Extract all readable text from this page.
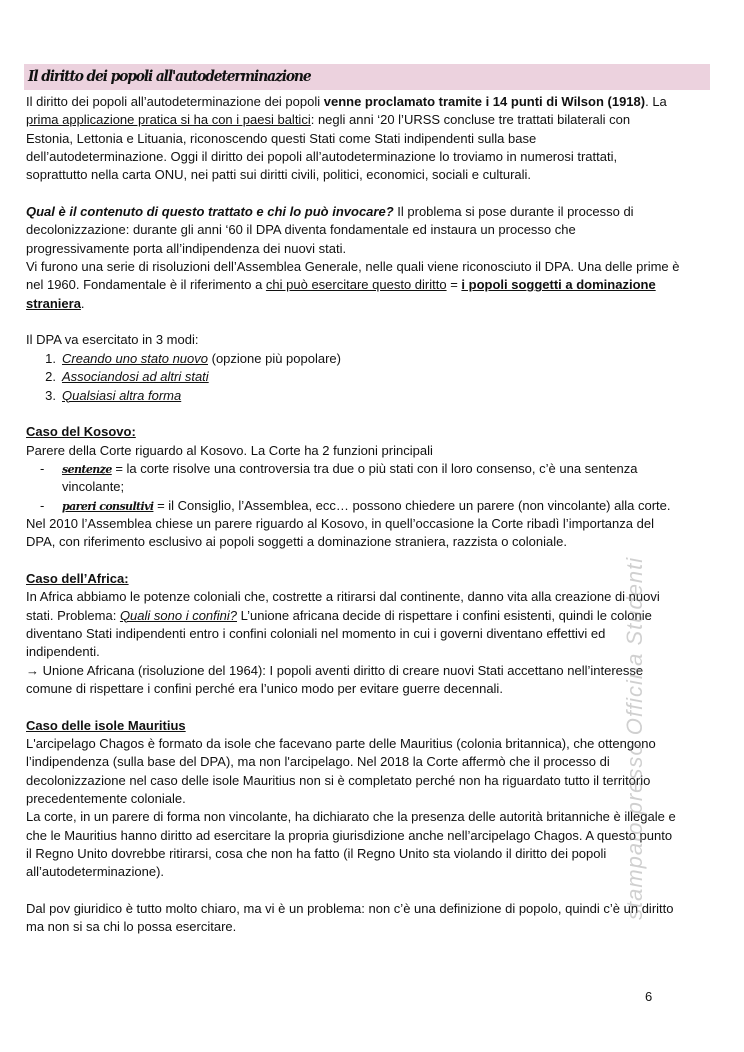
Il diritto dei popoli all'autodeterminazione
Il diritto dei popoli all’autodeterminazione dei popoli venne proclamato tramite i 14 punti di Wilson (1918). La
prima applicazione pratica si ha con i paesi baltici: negli anni ‘20 l’URSS concluse tre trattati bilaterali con
Estonia, Lettonia e Lituania, riconoscendo questi Stati come Stati indipendenti sulla base
dell’autodeterminazione. Oggi il diritto dei popoli all’autodeterminazione lo troviamo in numerosi trattati,
soprattutto nella carta ONU, nei patti sui diritti civili, politici, economici, sociali e culturali.
Qual è il contenuto di questo trattato e chi lo può invocare? Il problema si pose durante il processo di
decolonizzazione: durante gli anni ‘60 il DPA diventa fondamentale ed instaura un processo che
progressivamente porta all’indipendenza dei nuovi stati.
Vi furono una serie di risoluzioni dell’Assemblea Generale, nelle quali viene riconosciuto il DPA. Una delle prime è
nel 1960. Fondamentale è il riferimento a chi può esercitare questo diritto = i popoli soggetti a dominazione
straniera.
Il DPA va esercitato in 3 modi:
1. Creando uno stato nuovo (opzione più popolare)
2. Associandosi ad altri stati
3. Qualsiasi altra forma
Caso del Kosovo:
Parere della Corte riguardo al Kosovo. La Corte ha 2 funzioni principali
- sentenze = la corte risolve una controversia tra due o più stati con il loro consenso, c’è una sentenza
vincolante;
- pareri consultivi = il Consiglio, l’Assemblea, ecc… possono chiedere un parere (non vincolante) alla corte.
Nel 2010 l’Assemblea chiese un parere riguardo al Kosovo, in quell’occasione la Corte ribadì l’importanza del
DPA, con riferimento esclusivo ai popoli soggetti a dominazione straniera, razzista o coloniale.
Caso dell’Africa:
In Africa abbiamo le potenze coloniali che, costrette a ritirarsi dal continente, danno vita alla creazione di nuovi
stati. Problema: Quali sono i confini? L’unione africana decide di rispettare i confini esistenti, quindi le colonie
diventano Stati indipendenti entro i confini coloniali nel momento in cui i governi diventano effettivi ed
indipendenti.
→ Unione Africana (risoluzione del 1964): I popoli aventi diritto di creare nuovi Stati accettano nell’interesse
comune di rispettare i confini perché era l’unico modo per evitare guerre decennali.
Caso delle isole Mauritius
L'arcipelago Chagos è formato da isole che facevano parte delle Mauritius (colonia britannica), che ottengono
l’indipendenza (sulla base del DPA), ma non l'arcipelago. Nel 2018 la Corte affermò che il processo di
decolonizzazione nel caso delle isole Mauritius non si è completato perché non ha riguardato tutto il territorio
precedentemente coloniale.
La corte, in un parere di forma non vincolante, ha dichiarato che la presenza delle autorità britanniche è illegale e
che le Mauritius hanno diritto ad esercitare la propria giurisdizione anche nell’arcipelago Chagos. A questo punto
il Regno Unito dovrebbe ritirarsi, cosa che non ha fatto (il Regno Unito sta violando il diritto dei popoli
all’autodeterminazione).
Dal pov giuridico è tutto molto chiaro, ma vi è un problema: non c’è una definizione di popolo, quindi c’è un diritto
ma non si sa chi lo possa esercitare.
stampato presso Officina Studenti
6
